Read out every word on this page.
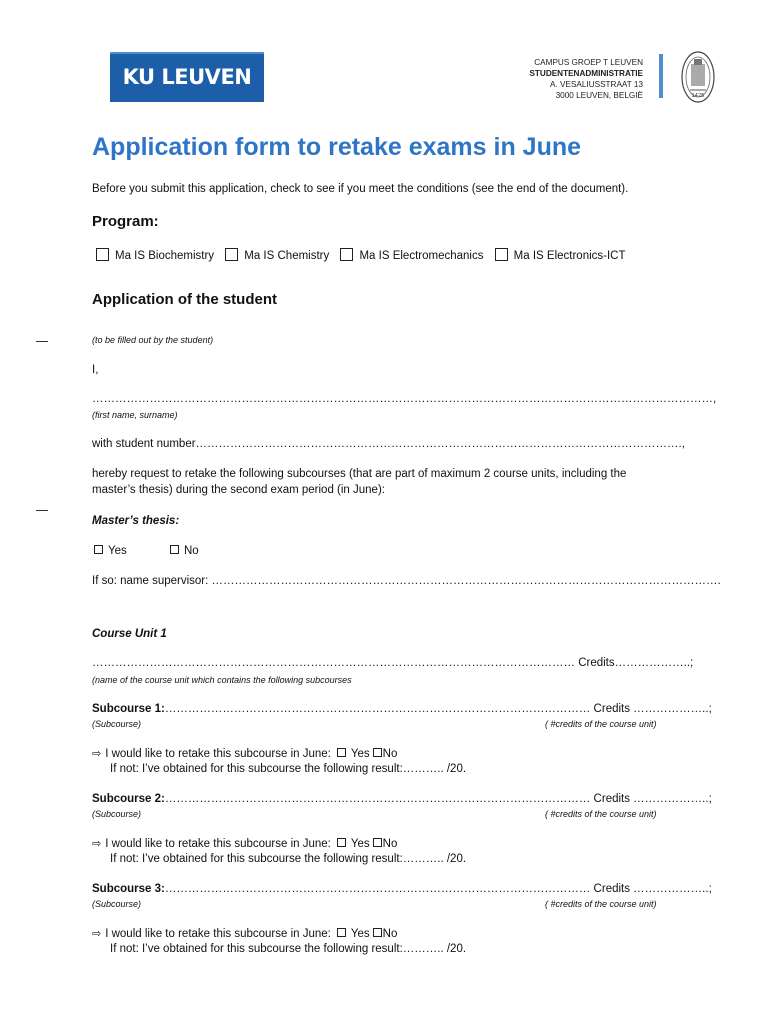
KU LEUVEN
CAMPUS GROEP T LEUVEN
STUDENTENADMINISTRATIE
A. VESALIUSSTRAAT 13
3000 LEUVEN, BELGIË	1425
Application form to retake exams in June
Before you submit this application, check to see if you meet the conditions (see the end of the document).
Program:
Ma IS Biochemistry	Ma IS Chemistry	Ma IS Electromechanics	Ma IS Electronics-ICT
Application of the student
(to be filled out by the student)
I,
………………………………………………………………………………………………………………………………………………,
(first name, surname)
with student number……………………………………………………………………………………………………………….,
hereby request to retake the following subcourses (that are part of maximum 2 course units, including the
master’s thesis) during the second exam period (in June):
Master’s thesis:
Yes	No
If so: name supervisor: …………………………………………………………………………………………………………………….
Course Unit 1
……………………………………………………………………………………………………………… Credits………………..;
(name of the course unit which contains the following subcourses
Subcourse 1:………………………………………………………………………………………………… Credits ………………..;
(Subcourse)	( #credits of the course unit)
⇨ I would like to retake this subcourse in June: Yes No
If not: I’ve obtained for this subcourse the following result:……….. /20.
Subcourse 2:………………………………………………………………………………………………… Credits ………………..;
(Subcourse)	( #credits of the course unit)
⇨ I would like to retake this subcourse in June: Yes No
If not: I’ve obtained for this subcourse the following result:……….. /20.
Subcourse 3:………………………………………………………………………………………………… Credits ………………..;
(Subcourse)	( #credits of the course unit)
⇨ I would like to retake this subcourse in June: Yes No
If not: I’ve obtained for this subcourse the following result:……….. /20.
